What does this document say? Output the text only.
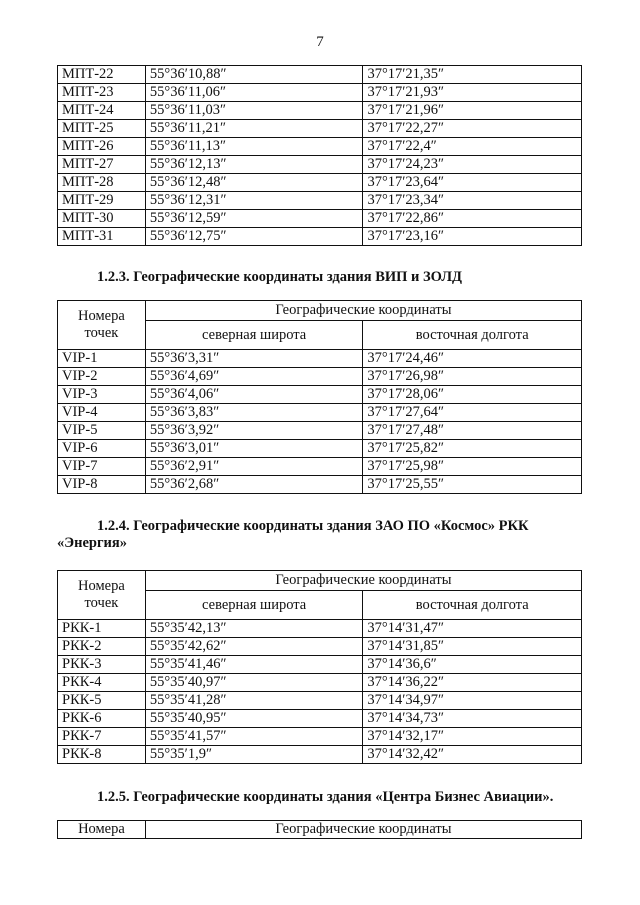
7
МПТ-22	55°36′10,88″	37°17′21,35″
МПТ-23	55°36′11,06″	37°17′21,93″
МПТ-24	55°36′11,03″	37°17′21,96″
МПТ-25	55°36′11,21″	37°17′22,27″
МПТ-26	55°36′11,13″	37°17′22,4″
МПТ-27	55°36′12,13″	37°17′24,23″
МПТ-28	55°36′12,48″	37°17′23,64″
МПТ-29	55°36′12,31″	37°17′23,34″
МПТ-30	55°36′12,59″	37°17′22,86″
МПТ-31	55°36′12,75″	37°17′23,16″
1.2.3. Географические координаты здания ВИП и ЗОЛД
Номера точек	Географические координаты	
	северная широта	восточная долгота
VIP-1	55°36′3,31″	37°17′24,46″
VIP-2	55°36′4,69″	37°17′26,98″
VIP-3	55°36′4,06″	37°17′28,06″
VIP-4	55°36′3,83″	37°17′27,64″
VIP-5	55°36′3,92″	37°17′27,48″
VIP-6	55°36′3,01″	37°17′25,82″
VIP-7	55°36′2,91″	37°17′25,98″
VIP-8	55°36′2,68″	37°17′25,55″
1.2.4. Географические координаты здания ЗАО ПО «Космос» РКК
«Энергия»
Номера точек	Географические координаты	
	северная широта	восточная долгота
РКК-1	55°35′42,13″	37°14′31,47″
РКК-2	55°35′42,62″	37°14′31,85″
РКК-3	55°35′41,46″	37°14′36,6″
РКК-4	55°35′40,97″	37°14′36,22″
РКК-5	55°35′41,28″	37°14′34,97″
РКК-6	55°35′40,95″	37°14′34,73″
РКК-7	55°35′41,57″	37°14′32,17″
РКК-8	55°35′1,9″	37°14′32,42″
1.2.5. Географические координаты здания «Центра Бизнес Авиации».
Номера	Географические координаты
